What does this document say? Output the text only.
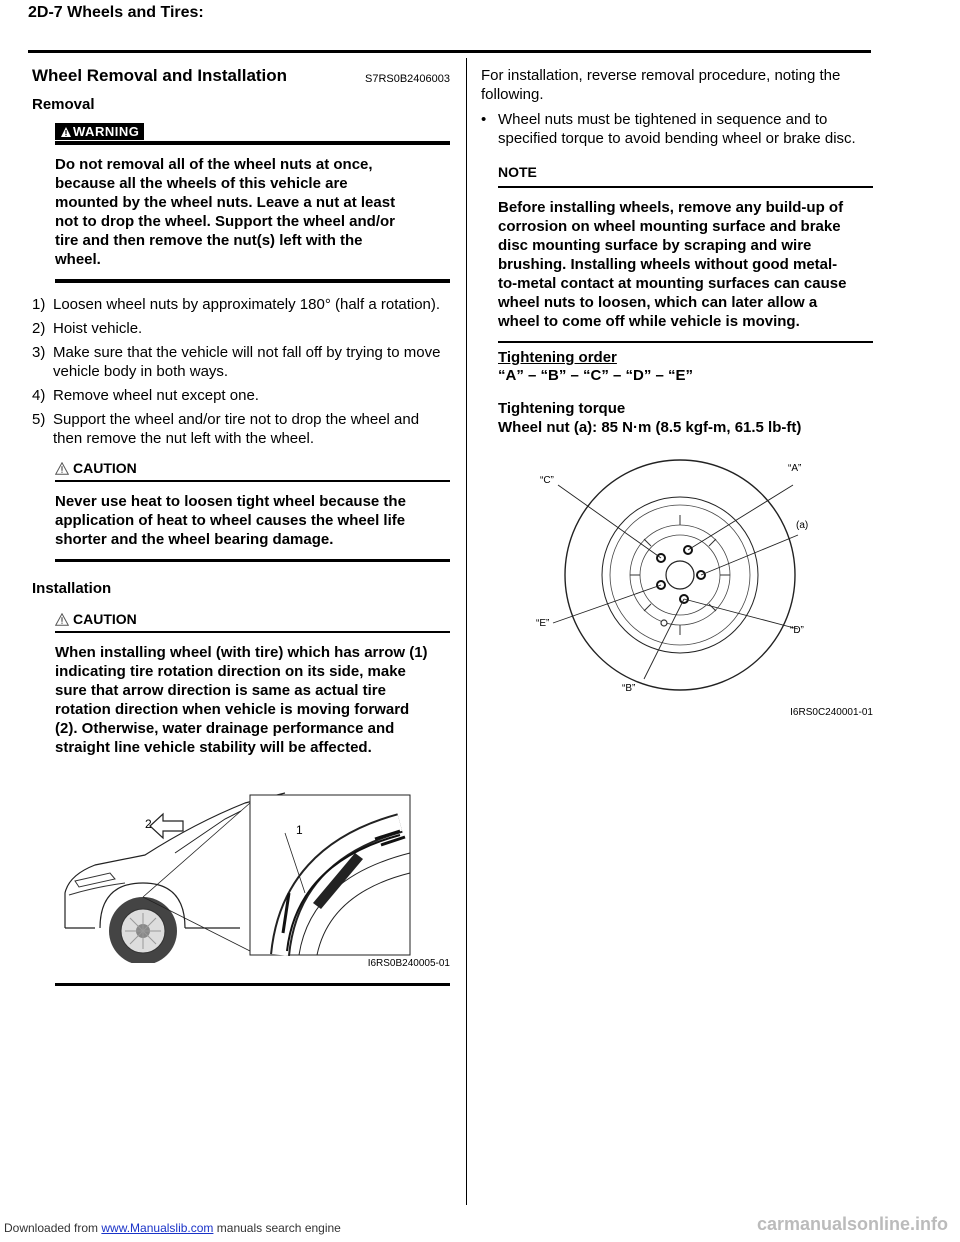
2D-7 Wheels and Tires:
Wheel Removal and Installation	S7RS0B2406003
Removal
WARNING
Do not removal all of the wheel nuts at once, because all the wheels of this vehicle are mounted by the wheel nuts. Leave a nut at least not to drop the wheel. Support the wheel and/or tire and then remove the nut(s) left with the wheel.
1) Loosen wheel nuts by approximately 180° (half a rotation).
2) Hoist vehicle.
3) Make sure that the vehicle will not fall off by trying to move vehicle body in both ways.
4) Remove wheel nut except one.
5) Support the wheel and/or tire not to drop the wheel and then remove the nut left with the wheel.
CAUTION
Never use heat to loosen tight wheel because the application of heat to wheel causes the wheel life shorter and the wheel bearing damage.
Installation
CAUTION
When installing wheel (with tire) which has arrow (1) indicating tire rotation direction on its side, make sure that arrow direction is same as actual tire rotation direction when vehicle is moving forward (2). Otherwise, water drainage performance and straight line vehicle stability will be affected.
2	1
I6RS0B240005-01
For installation, reverse removal procedure, noting the following.
• Wheel nuts must be tightened in sequence and to specified torque to avoid bending wheel or brake disc.
NOTE
Before installing wheels, remove any build-up of corrosion on wheel mounting surface and brake disc mounting surface by scraping and wire brushing. Installing wheels without good metal-to-metal contact at mounting surfaces can cause wheel nuts to loosen, which can later allow a wheel to come off while vehicle is moving.
Tightening order
“A” – “B” – “C” – “D” – “E”
Tightening torque
Wheel nut (a): 85 N·m (8.5 kgf-m, 61.5 lb-ft)
“A”
“C”
(a)
“E”
“D”
“B”
I6RS0C240001-01
Downloaded from www.Manualslib.com manuals search engine	carmanualsonline.info
